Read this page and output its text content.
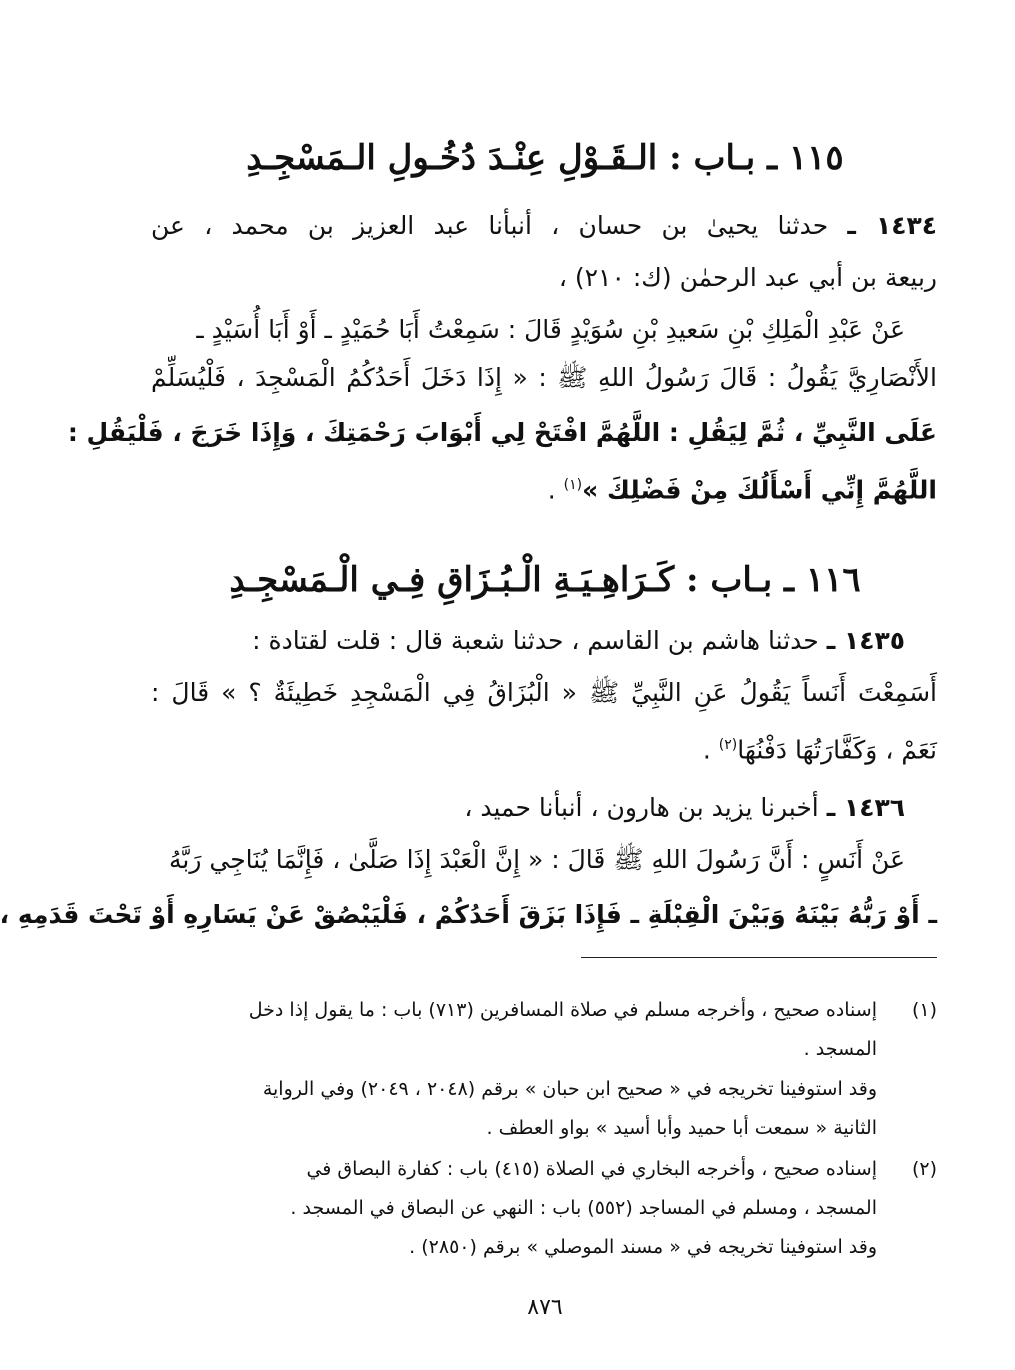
١١٥ ـ بـاب : الـقَـوْلِ عِنْـدَ دُخُـولِ الـمَسْجِـدِ
١٤٣٤ ـ حدثنا يحيىٰ بن حسان ، أنبأنا عبد العزيز بن محمد ، عن
ربيعة بن أبي عبد الرحمٰن (ك: ٢١٠) ،
عَنْ عَبْدِ الْمَلِكِ بْنِ سَعيدِ بْنِ سُوَيْدٍ قَالَ : سَمِعْتُ أَبَا حُمَيْدٍ ـ أَوْ أَبَا أُسَيْدٍ ـ
الأَنْصَارِيَّ يَقُولُ : قَالَ رَسُولُ اللهِ ﷺ : « إِذَا دَخَلَ أَحَدُكُمُ الْمَسْجِدَ ، فَلْيُسَلِّمْ
عَلَى النَّبِيِّ ، ثُمَّ لِيَقُلِ : اللَّهُمَّ افْتَحْ لِي أَبْوَابَ رَحْمَتِكَ ، وَإِذَا خَرَجَ ، فَلْيَقُلِ :
اللَّهُمَّ إِنِّي أَسْأَلُكَ مِنْ فَضْلِكَ »$^{(١)}$ .
١١٦ ـ بـاب : كَـرَاهِـيَـةِ الْـبُـزَاقِ فِـي الْـمَسْجِـدِ
١٤٣٥ ـ حدثنا هاشم بن القاسم ، حدثنا شعبة قال : قلت لقتادة :
أَسَمِعْتَ أَنَساً يَقُولُ عَنِ النَّبِيِّ ﷺ « الْبُزَاقُ فِي الْمَسْجِدِ خَطِيئَةٌ ؟ » قَالَ :
نَعَمْ ، وَكَفَّارَتُهَا دَفْنُهَا$^{(٢)}$ .
١٤٣٦ ـ أخبرنا يزيد بن هارون ، أنبأنا حميد ،
عَنْ أَنَسٍ : أَنَّ رَسُولَ اللهِ ﷺ قَالَ : « إِنَّ الْعَبْدَ إِذَا صَلَّىٰ ، فَإِنَّمَا يُنَاجِي رَبَّهُ
ـ أَوْ رَبُّهُ بَيْنَهُ وَبَيْنَ الْقِبْلَةِ ـ فَإِذَا بَزَقَ أَحَدُكُمْ ، فَلْيَبْصُقْ عَنْ يَسَارِهِ أَوْ تَحْتَ قَدَمِهِ ،
(١)
إسناده صحيح ، وأخرجه مسلم في صلاة المسافرين (٧١٣) باب : ما يقول إذا دخل
المسجد .
وقد استوفينا تخريجه في « صحيح ابن حبان » برقم (٢٠٤٨ ، ٢٠٤٩) وفي الرواية
الثانية « سمعت أبا حميد وأبا أسيد » بواو العطف .
(٢)
إسناده صحيح ، وأخرجه البخاري في الصلاة (٤١٥) باب : كفارة البصاق في
المسجد ، ومسلم في المساجد (٥٥٢) باب : النهي عن البصاق في المسجد .
وقد استوفينا تخريجه في « مسند الموصلي » برقم (٢٨٥٠) .
٨٧٦
